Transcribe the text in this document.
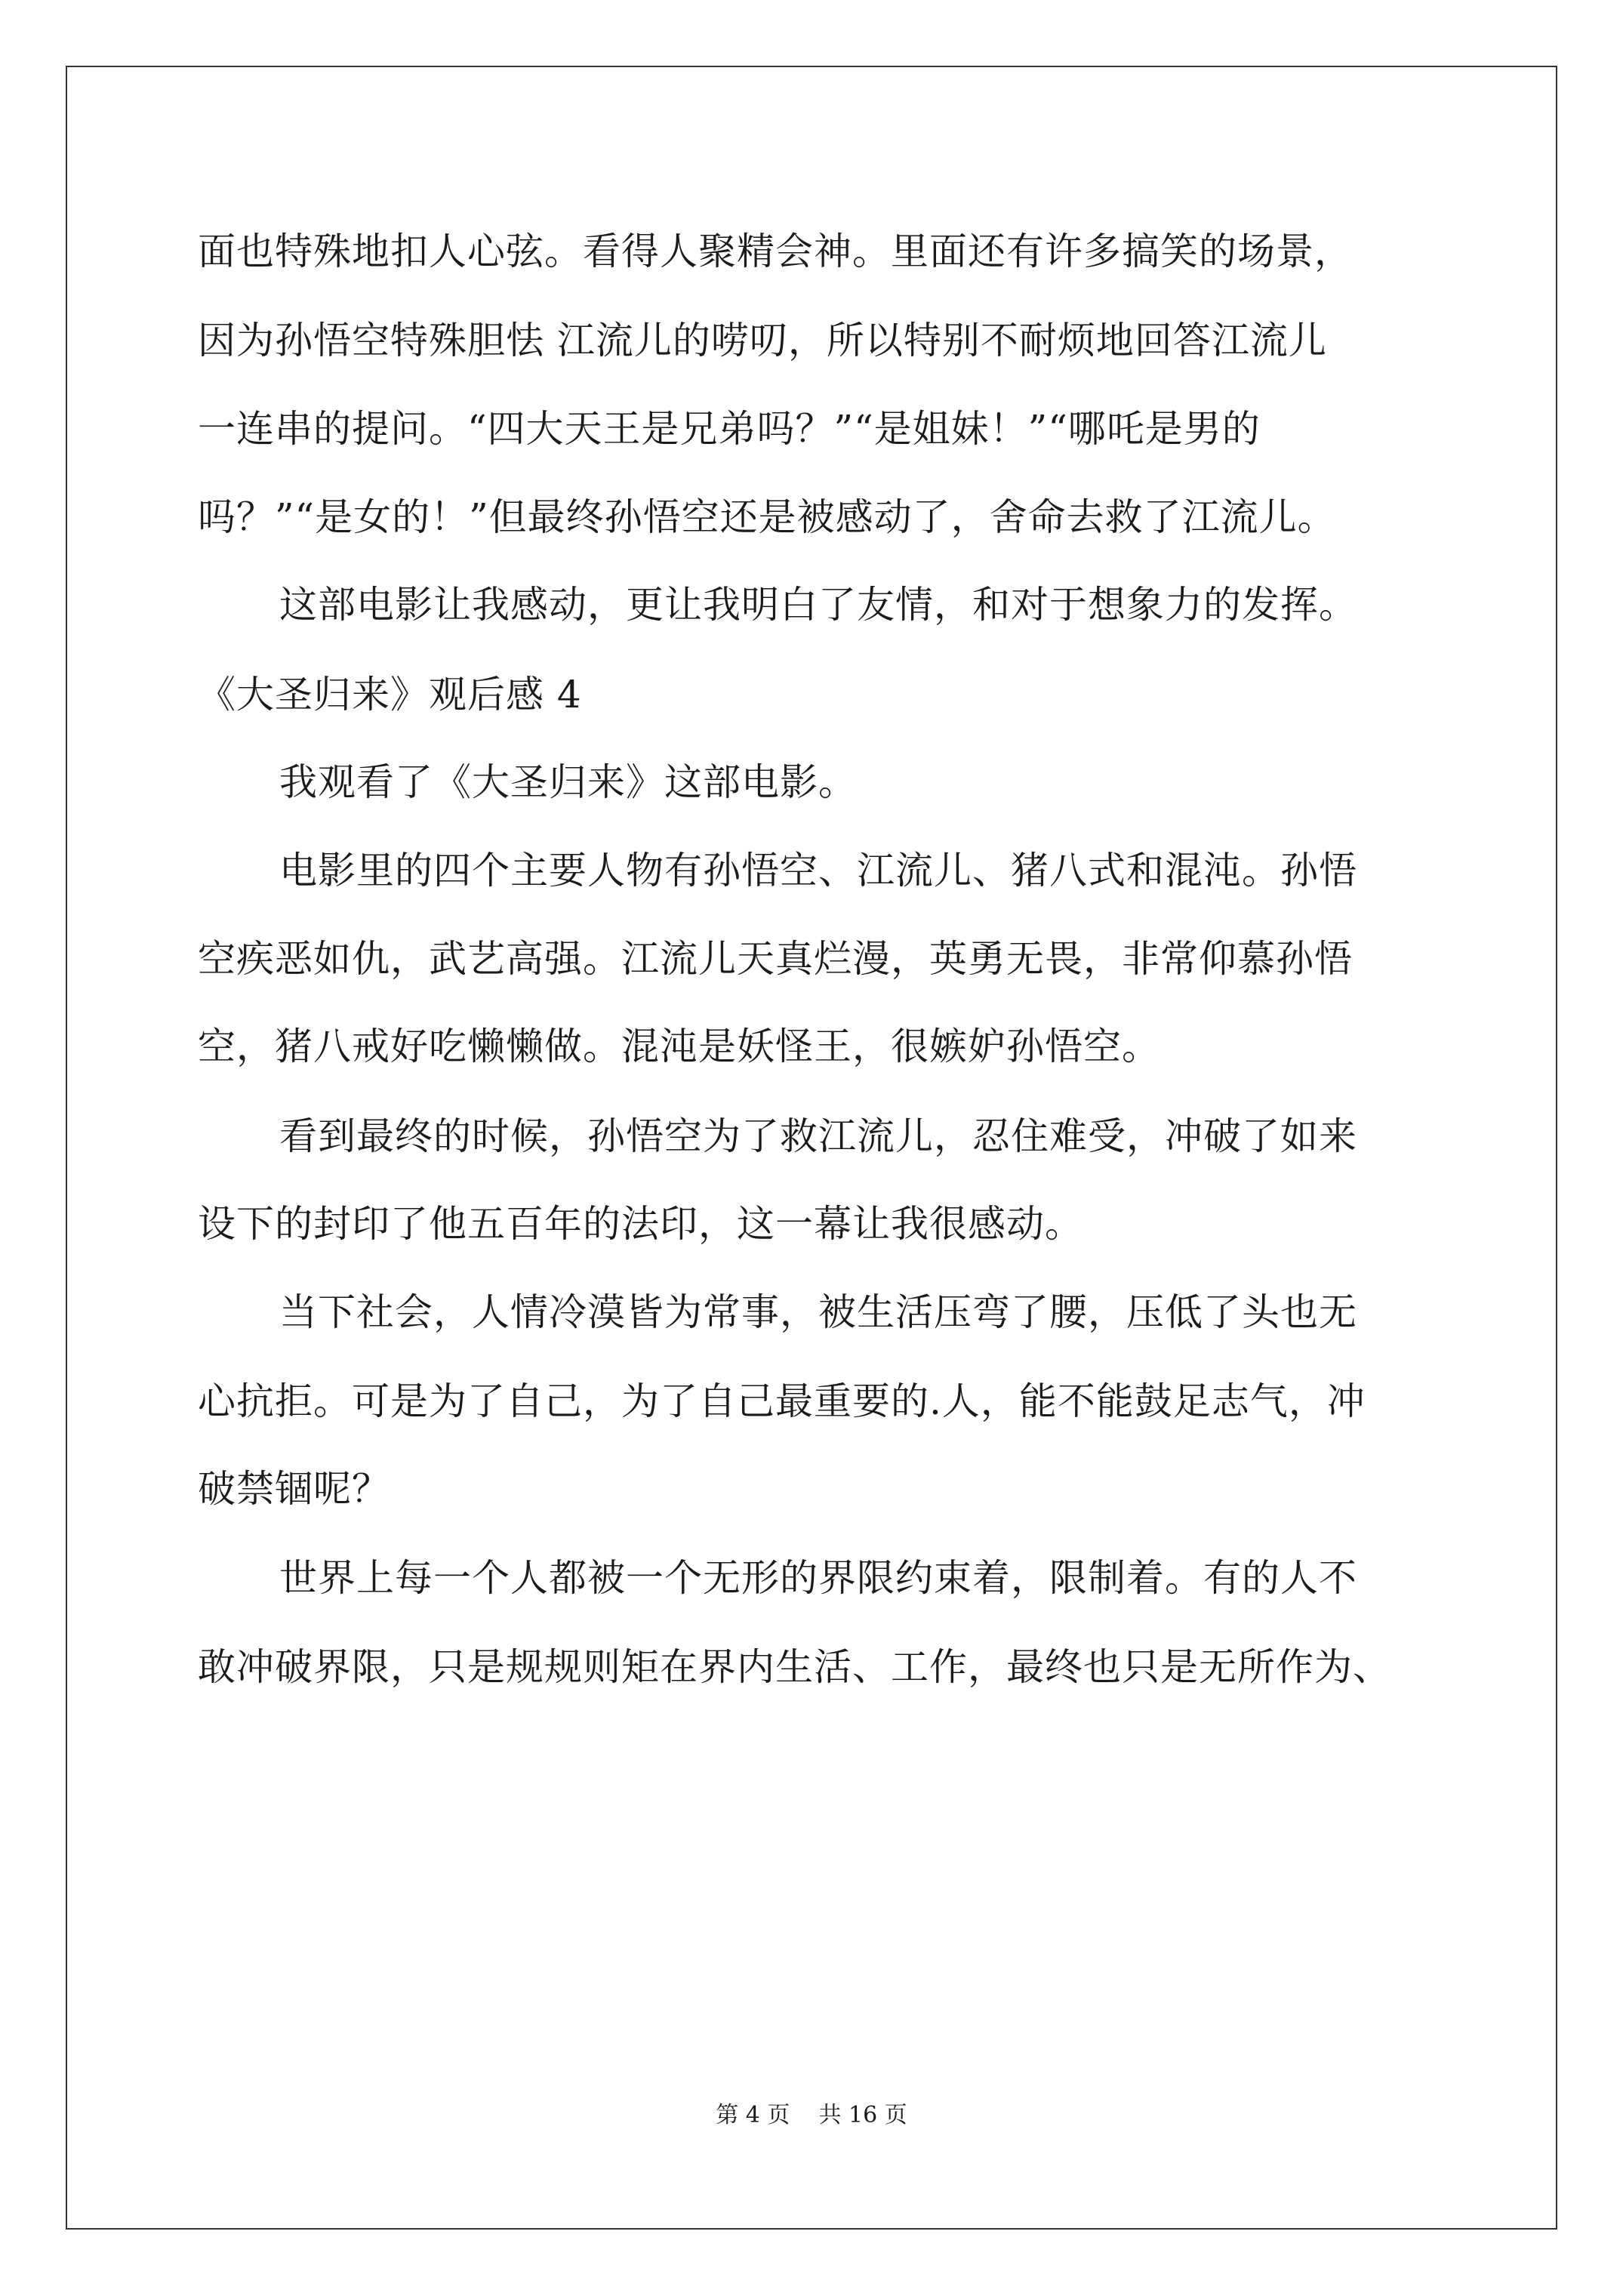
面也特殊地扣人心弦。看得人聚精会神。里面还有许多搞笑的场景，
因为孙悟空特殊胆怯 江流儿的唠叨，所以特别不耐烦地回答江流儿
一连串的提问。“四大天王是兄弟吗？”“是姐妹！”“哪吒是男的
吗？”“是女的！”但最终孙悟空还是被感动了，舍命去救了江流儿。
这部电影让我感动，更让我明白了友情，和对于想象力的发挥。
《大圣归来》观后感 4
我观看了《大圣归来》这部电影。
电影里的四个主要人物有孙悟空、江流儿、猪八式和混沌。孙悟
空疾恶如仇，武艺高强。江流儿天真烂漫，英勇无畏，非常仰慕孙悟
空，猪八戒好吃懒懒做。混沌是妖怪王，很嫉妒孙悟空。
看到最终的时候，孙悟空为了救江流儿，忍住难受，冲破了如来
设下的封印了他五百年的法印，这一幕让我很感动。
当下社会，人情冷漠皆为常事，被生活压弯了腰，压低了头也无
心抗拒。可是为了自己，为了自己最重要的.人，能不能鼓足志气，冲
破禁锢呢？
世界上每一个人都被一个无形的界限约束着，限制着。有的人不
敢冲破界限，只是规规则矩在界内生活、工作，最终也只是无所作为、
第 4 页    共 16 页
